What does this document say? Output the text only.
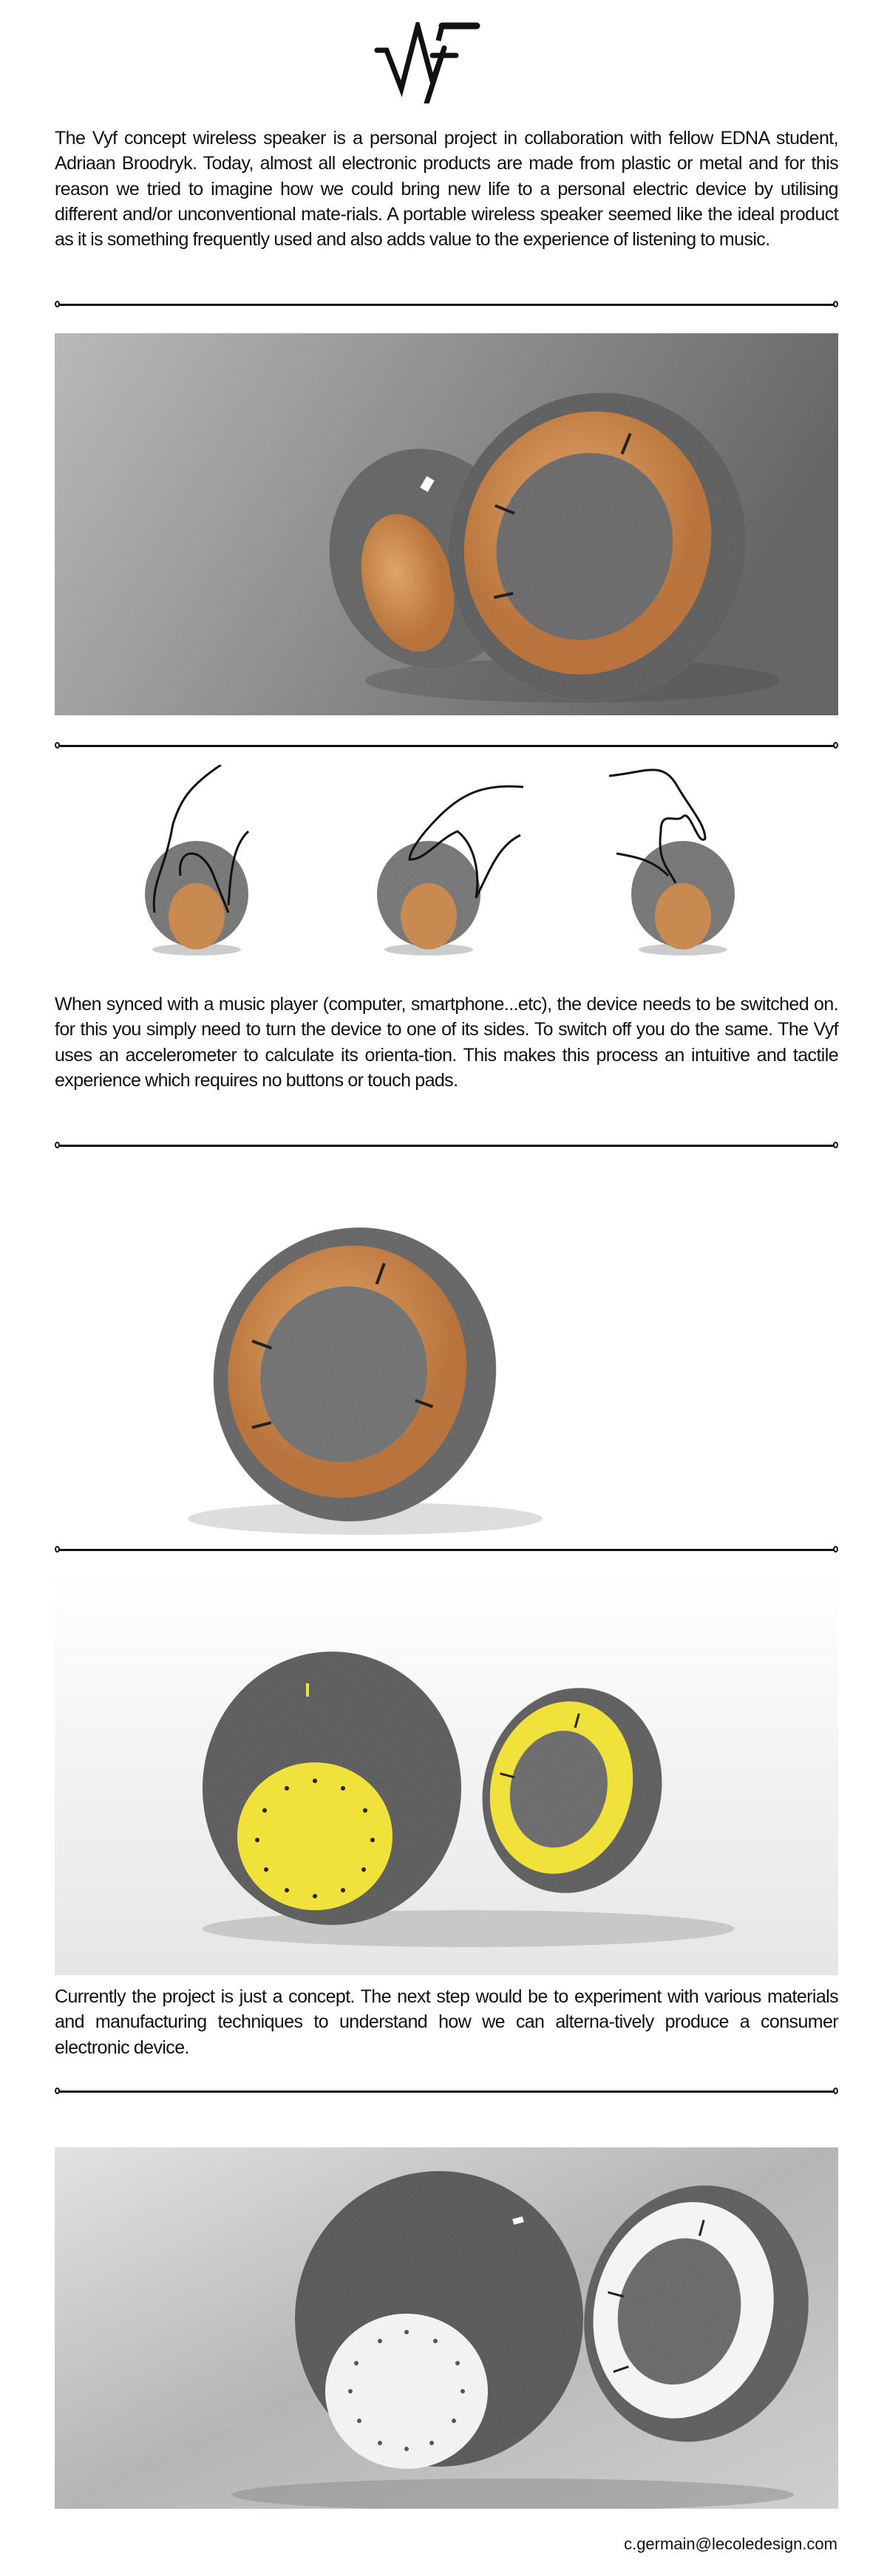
The Vyf concept wireless speaker is a personal project in collaboration with fellow EDNA student, Adriaan Broodryk. Today, almost all electronic products are made from plastic or metal and for this reason we tried to imagine how we could bring new life to a personal electric device by utilising different and/or unconventional mate-rials. A portable wireless speaker seemed like the ideal product as it is something frequently used and also adds value to the experience of listening to music.

When synced with a music player (computer, smartphone...etc), the device needs to be switched on. for this you simply need to turn the device to one of its sides. To switch off you do the same. The Vyf uses an accelerometer to calculate its orienta-tion. This makes this process an intuitive and tactile experience which requires no buttons or touch pads.

Currently the project is just a concept. The next step would be to experiment with various materials and manufacturing techniques to understand how we can alterna-tively produce a consumer electronic device.

c.germain@lecoledesign.com
